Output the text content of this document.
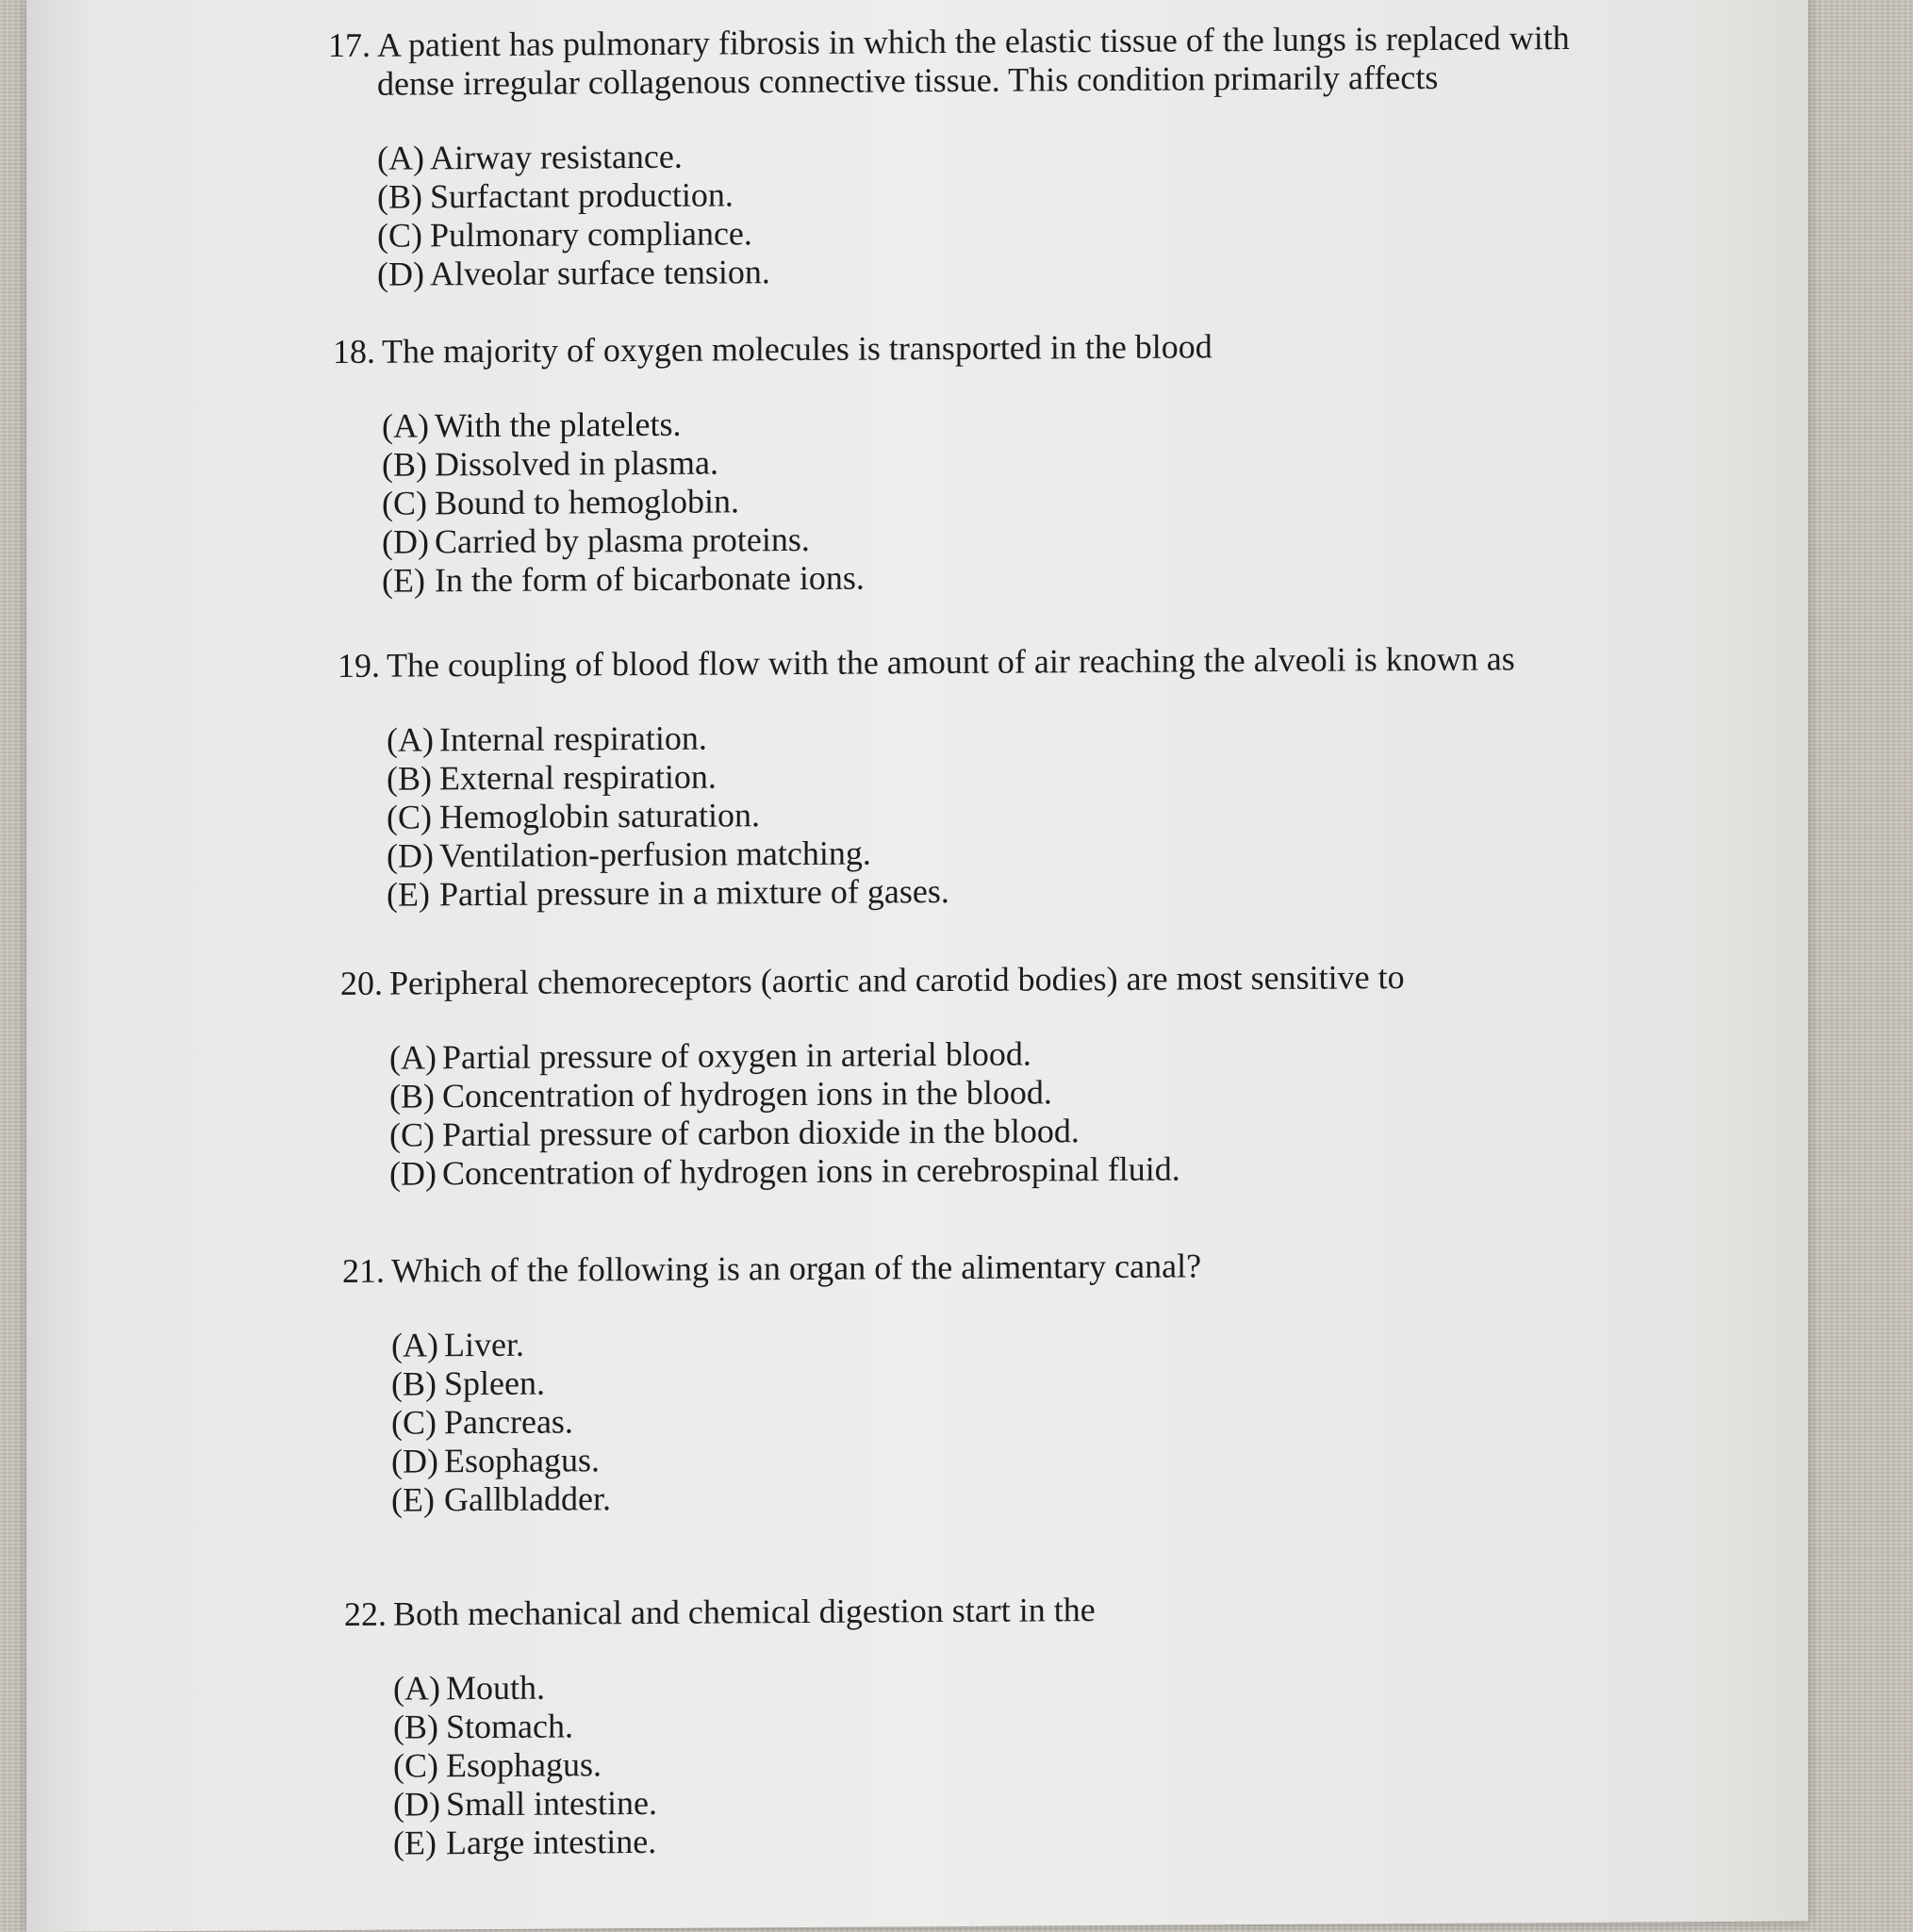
17. A patient has pulmonary fibrosis in which the elastic tissue of the lungs is replaced with dense irregular collagenous connective tissue. This condition primarily affects
(A) Airway resistance.
(B) Surfactant production.
(C) Pulmonary compliance.
(D) Alveolar surface tension.
18. The majority of oxygen molecules is transported in the blood
(A) With the platelets.
(B) Dissolved in plasma.
(C) Bound to hemoglobin.
(D) Carried by plasma proteins.
(E) In the form of bicarbonate ions.
19. The coupling of blood flow with the amount of air reaching the alveoli is known as
(A) Internal respiration.
(B) External respiration.
(C) Hemoglobin saturation.
(D) Ventilation-perfusion matching.
(E) Partial pressure in a mixture of gases.
20. Peripheral chemoreceptors (aortic and carotid bodies) are most sensitive to
(A) Partial pressure of oxygen in arterial blood.
(B) Concentration of hydrogen ions in the blood.
(C) Partial pressure of carbon dioxide in the blood.
(D) Concentration of hydrogen ions in cerebrospinal fluid.
21. Which of the following is an organ of the alimentary canal?
(A) Liver.
(B) Spleen.
(C) Pancreas.
(D) Esophagus.
(E) Gallbladder.
22. Both mechanical and chemical digestion start in the
(A) Mouth.
(B) Stomach.
(C) Esophagus.
(D) Small intestine.
(E) Large intestine.
